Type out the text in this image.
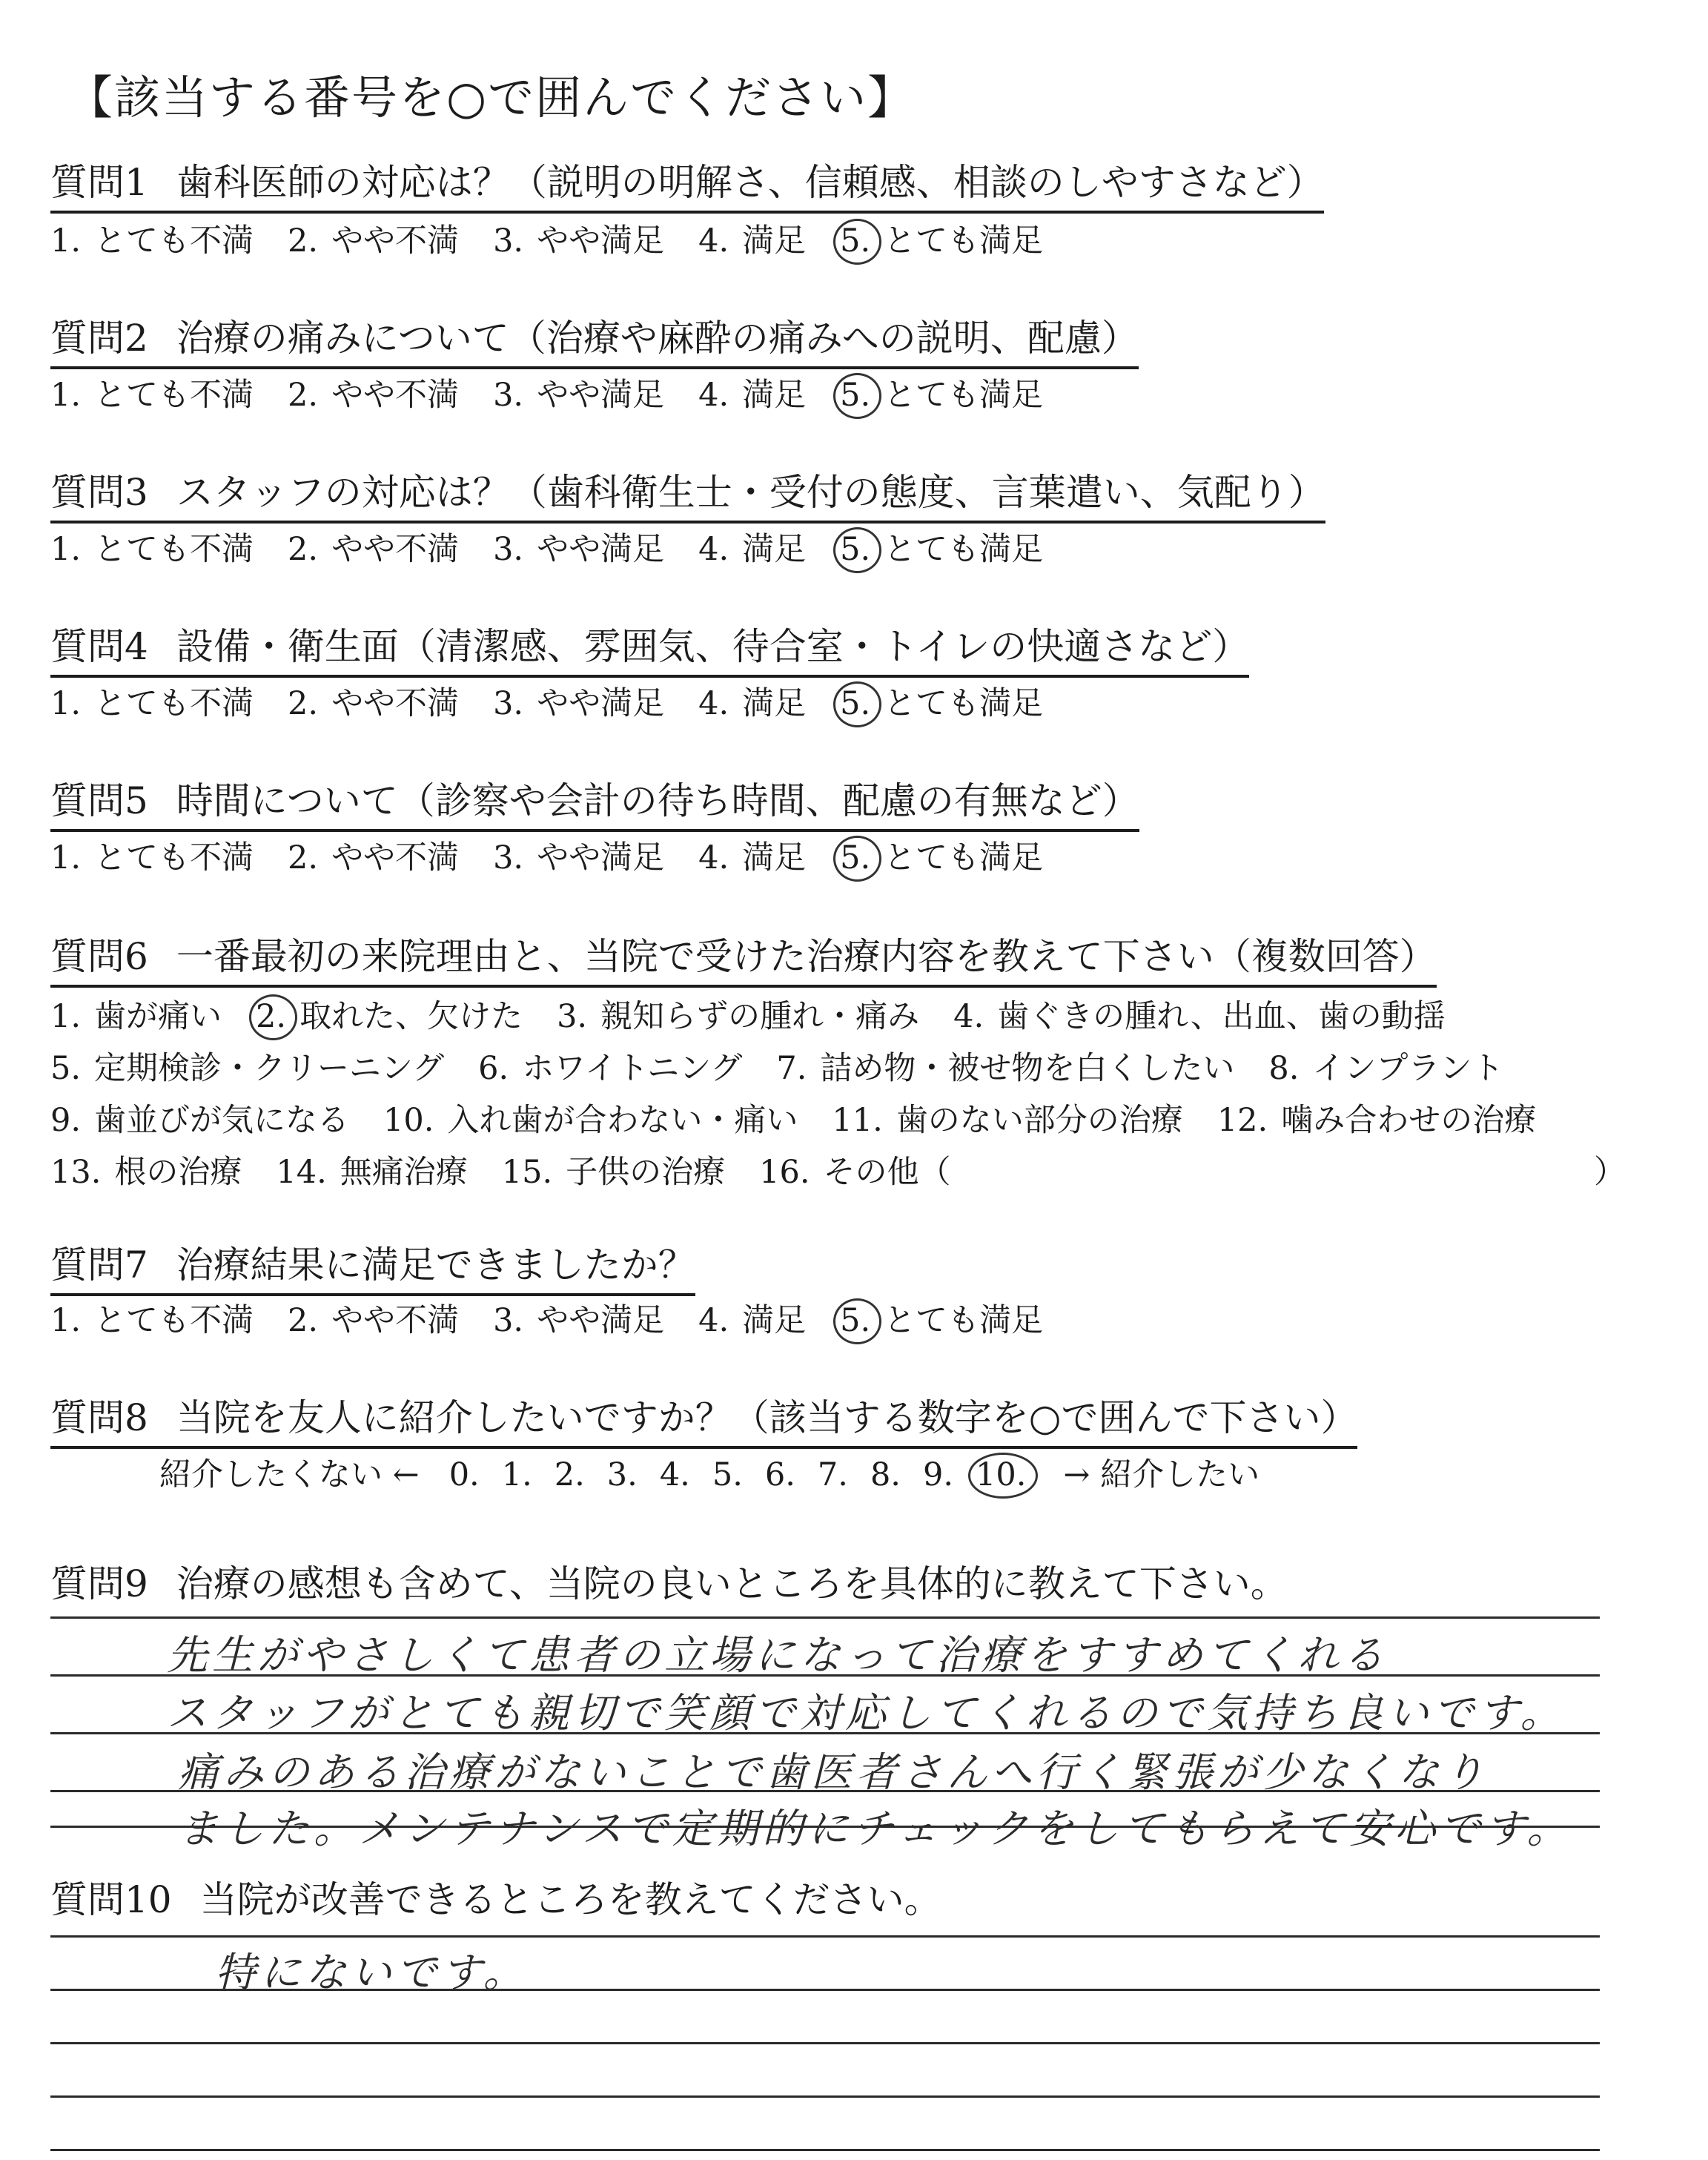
【該当する番号を○で囲んでください】
質問1 歯科医師の対応は？（説明の明解さ、信頼感、相談のしやすさなど）
1. とても不満 2. やや不満 3. やや満足 4. 満足 5. とても満足
質問2 治療の痛みについて（治療や麻酔の痛みへの説明、配慮）
1. とても不満 2. やや不満 3. やや満足 4. 満足 5. とても満足
質問3 スタッフの対応は？（歯科衛生士・受付の態度、言葉遣い、気配り）
1. とても不満 2. やや不満 3. やや満足 4. 満足 5. とても満足
質問4 設備・衛生面（清潔感、雰囲気、待合室・トイレの快適さなど）
1. とても不満 2. やや不満 3. やや満足 4. 満足 5. とても満足
質問5 時間について（診察や会計の待ち時間、配慮の有無など）
1. とても不満 2. やや不満 3. やや満足 4. 満足 5. とても満足
質問6 一番最初の来院理由と、当院で受けた治療内容を教えて下さい（複数回答）
1. 歯が痛い 2. 取れた、欠けた 3. 親知らずの腫れ・痛み 4. 歯ぐきの腫れ、出血、歯の動揺
5. 定期検診・クリーニング 6. ホワイトニング 7. 詰め物・被せ物を白くしたい 8. インプラント
9. 歯並びが気になる 10. 入れ歯が合わない・痛い 11. 歯のない部分の治療 12. 噛み合わせの治療
13. 根の治療 14. 無痛治療 15. 子供の治療 16. その他（	）
質問7 治療結果に満足できましたか？
1. とても不満 2. やや不満 3. やや満足 4. 満足 5. とても満足
質問8 当院を友人に紹介したいですか？（該当する数字を○で囲んで下さい）
紹介したくない ← 0. 1. 2. 3. 4. 5. 6. 7. 8. 9. 10. → 紹介したい
質問9 治療の感想も含めて、当院の良いところを具体的に教えて下さい。
先生がやさしくて患者の立場になって治療をすすめてくれる
スタッフがとても親切で笑顔で対応してくれるので気持ち良いです。
痛みのある治療がないことで歯医者さんへ行く緊張が少なくなり
ました。メンテナンスで定期的にチェックをしてもらえて安心です。
質問10 当院が改善できるところを教えてください。
特にないです。
